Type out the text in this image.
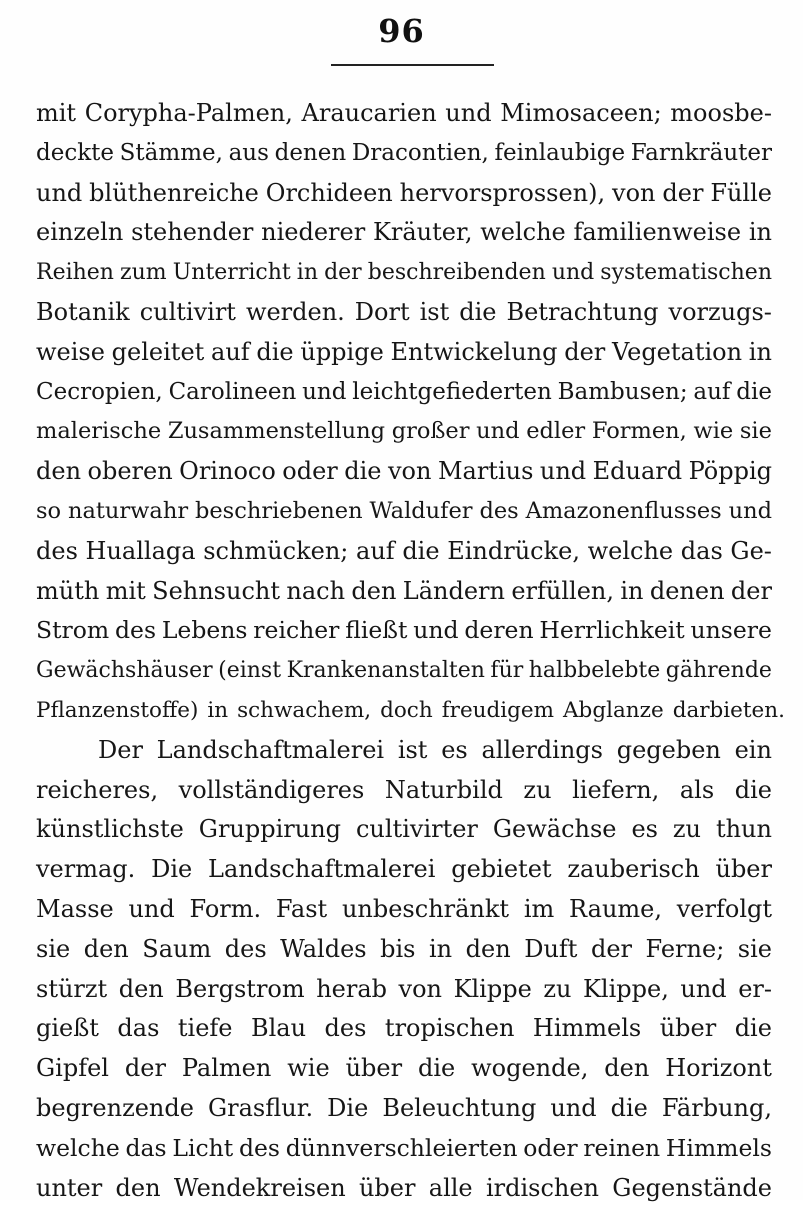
96
mit Corypha-Palmen, Araucarien und Mimosaceen; moosbe-
deckte Stämme, aus denen Dracontien, feinlaubige Farnkräuter
und blüthenreiche Orchideen hervorsprossen), von der Fülle
einzeln stehender niederer Kräuter, welche familienweise in
Reihen zum Unterricht in der beschreibenden und systematischen
Botanik cultivirt werden. Dort ist die Betrachtung vorzugs-
weise geleitet auf die üppige Entwickelung der Vegetation in
Cecropien, Carolineen und leichtgefiederten Bambusen; auf die
malerische Zusammenstellung großer und edler Formen, wie sie
den oberen Orinoco oder die von Martius und Eduard Pöppig
so naturwahr beschriebenen Waldufer des Amazonenflusses und
des Huallaga schmücken; auf die Eindrücke, welche das Ge-
müth mit Sehnsucht nach den Ländern erfüllen, in denen der
Strom des Lebens reicher fließt und deren Herrlichkeit unsere
Gewächshäuser (einst Krankenanstalten für halbbelebte gährende
Pflanzenstoffe) in schwachem, doch freudigem Abglanze darbieten.
Der Landschaftmalerei ist es allerdings gegeben ein
reicheres, vollständigeres Naturbild zu liefern, als die
künstlichste Gruppirung cultivirter Gewächse es zu thun
vermag. Die Landschaftmalerei gebietet zauberisch über
Masse und Form. Fast unbeschränkt im Raume, verfolgt
sie den Saum des Waldes bis in den Duft der Ferne; sie
stürzt den Bergstrom herab von Klippe zu Klippe, und er-
gießt das tiefe Blau des tropischen Himmels über die
Gipfel der Palmen wie über die wogende, den Horizont
begrenzende Grasflur. Die Beleuchtung und die Färbung,
welche das Licht des dünnverschleierten oder reinen Himmels
unter den Wendekreisen über alle irdischen Gegenstände
